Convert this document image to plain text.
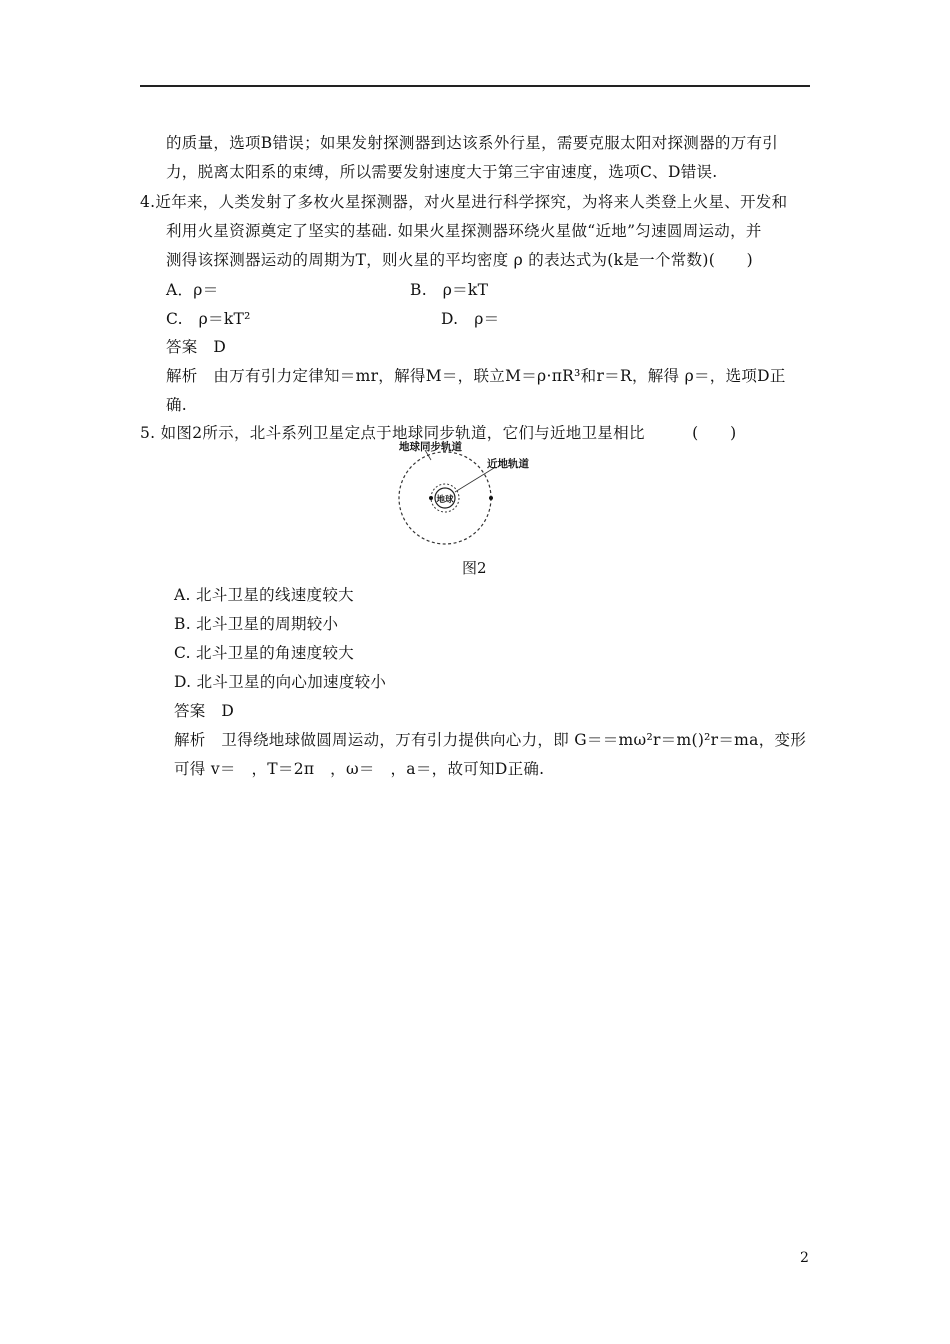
的质量，选项B错误；如果发射探测器到达该系外行星，需要克服太阳对探测器的万有引
力，脱离太阳系的束缚，所以需要发射速度大于第三宇宙速度，选项C、D错误.
4.近年来，人类发射了多枚火星探测器，对火星进行科学探究，为将来人类登上火星、开发和
利用火星资源奠定了坚实的基础. 如果火星探测器环绕火星做“近地”匀速圆周运动，并
测得该探测器运动的周期为T，则火星的平均密度 ρ 的表达式为(k是一个常数)(　　)
A．ρ＝	B.　ρ＝kT
C.　ρ＝kT²	D.　ρ＝
答案　D
解析　由万有引力定律知＝mr，解得M＝，联立M＝ρ·πR³和r＝R，解得 ρ＝，选项D正
确.
5. 如图2所示，北斗系列卫星定点于地球同步轨道，它们与近地卫星相比　　　(　　)
地球同步轨道
近地轨道
地球
图2
A. 北斗卫星的线速度较大
B. 北斗卫星的周期较小
C. 北斗卫星的角速度较大
D. 北斗卫星的向心加速度较小
答案　D
解析　卫得绕地球做圆周运动，万有引力提供向心力，即 G＝＝mω²r＝m()²r＝ma，变形
可得 v＝　，T＝2π　，ω＝　，a＝，故可知D正确.
2
